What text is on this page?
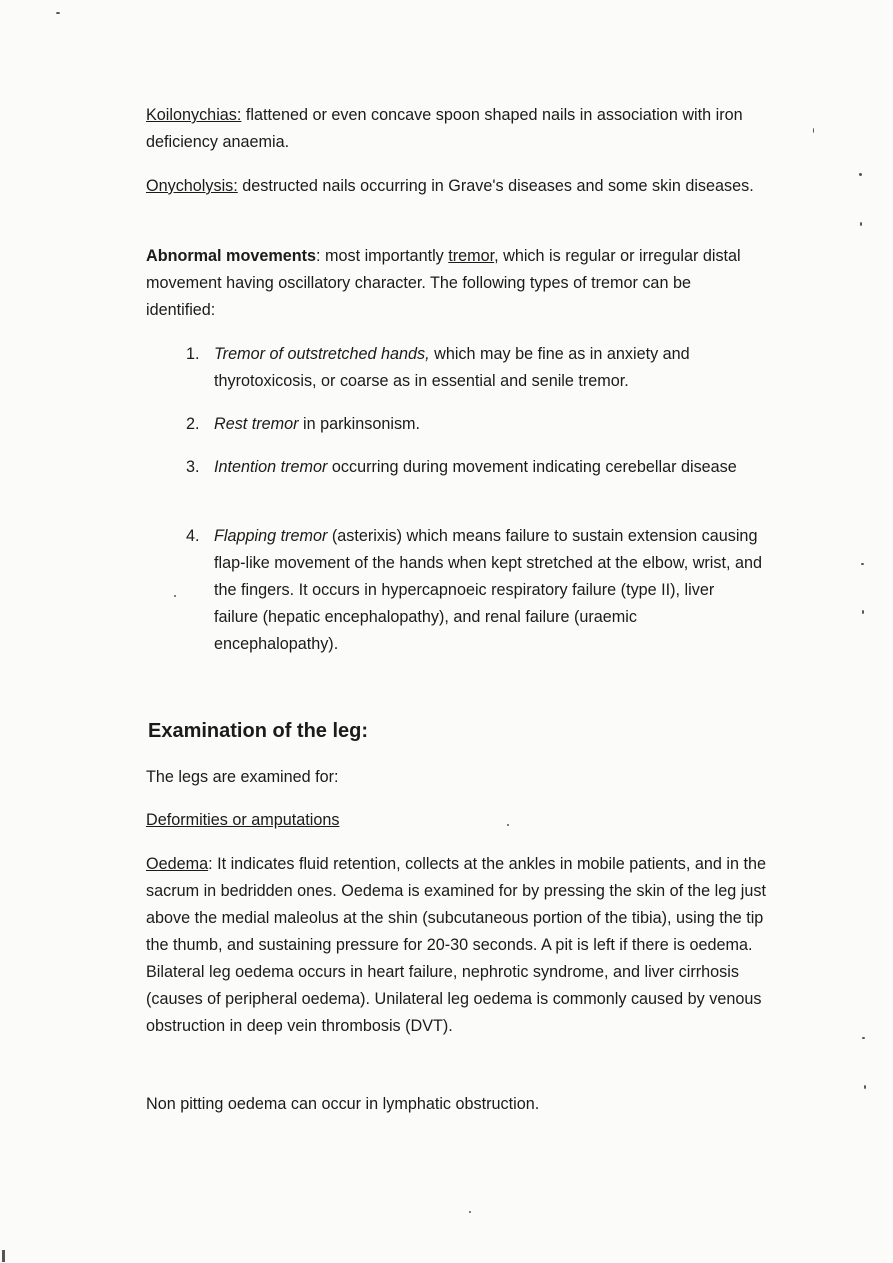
Koilonychias: flattened or even concave spoon shaped nails in association with iron deficiency anaemia.

Onycholysis: destructed nails occurring in Grave's diseases and some skin diseases.

Abnormal movements: most importantly tremor, which is regular or irregular distal movement having oscillatory character. The following types of tremor can be identified:

1. Tremor of outstretched hands, which may be fine as in anxiety and thyrotoxicosis, or coarse as in essential and senile tremor.
2. Rest tremor in parkinsonism.
3. Intention tremor occurring during movement indicating cerebellar disease
4. Flapping tremor (asterixis) which means failure to sustain extension causing flap-like movement of the hands when kept stretched at the elbow, wrist, and the fingers. It occurs in hypercapnoeic respiratory failure (type II), liver failure (hepatic encephalopathy), and renal failure (uraemic encephalopathy).
Examination of the leg:

The legs are examined for:

Deformities or amputations

Oedema: It indicates fluid retention, collects at the ankles in mobile patients, and in the sacrum in bedridden ones. Oedema is examined for by pressing the skin of the leg just above the medial maleolus at the shin (subcutaneous portion of the tibia), using the tip the thumb, and sustaining pressure for 20-30 seconds. A pit is left if there is oedema. Bilateral leg oedema occurs in heart failure, nephrotic syndrome, and liver cirrhosis (causes of peripheral oedema). Unilateral leg oedema is commonly caused by venous obstruction in deep vein thrombosis (DVT).

Non pitting oedema can occur in lymphatic obstruction.
